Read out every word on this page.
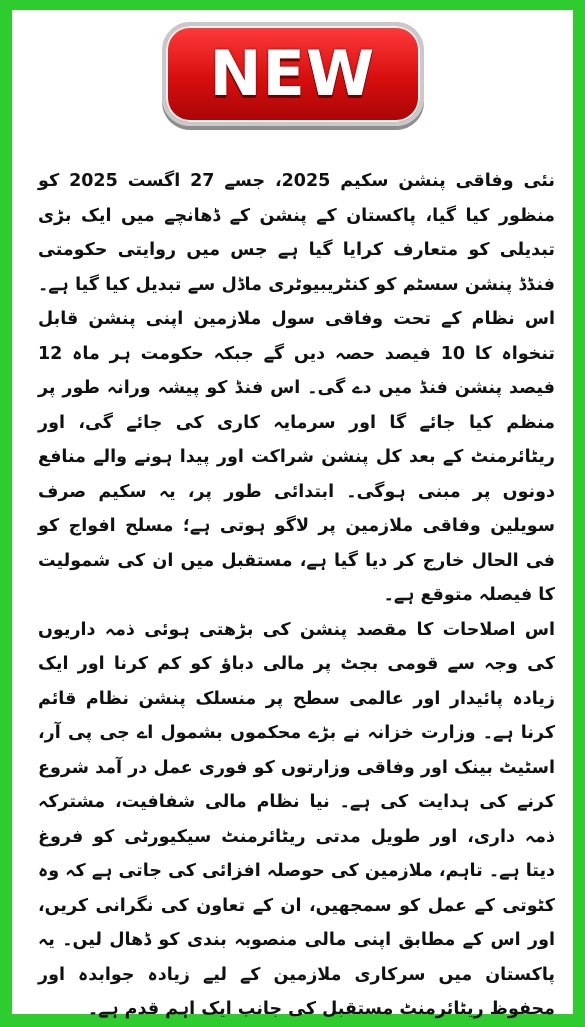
NEW

نئی وفاقی پنشن سکیم 2025، جسے 27 اگست 2025 کو منظور کیا گیا، پاکستان کے پنشن کے ڈھانچے میں ایک بڑی تبدیلی کو متعارف کرایا گیا ہے جس میں روایتی حکومتی فنڈڈ پنشن سسٹم کو کنٹریبیوٹری ماڈل سے تبدیل کیا گیا ہے۔ اس نظام کے تحت وفاقی سول ملازمین اپنی پنشن قابل تنخواہ کا 10 فیصد حصہ دیں گے جبکہ حکومت ہر ماہ 12 فیصد پنشن فنڈ میں دے گی۔ اس فنڈ کو پیشہ ورانہ طور پر منظم کیا جائے گا اور سرمایہ کاری کی جائے گی، اور ریٹائرمنٹ کے بعد کل پنشن شراکت اور پیدا ہونے والے منافع دونوں پر مبنی ہوگی۔ ابتدائی طور پر، یہ سکیم صرف سویلین وفاقی ملازمین پر لاگو ہوتی ہے؛ مسلح افواج کو فی الحال خارج کر دیا گیا ہے، مستقبل میں ان کی شمولیت کا فیصلہ متوقع ہے۔

اس اصلاحات کا مقصد پنشن کی بڑھتی ہوئی ذمہ داریوں کی وجہ سے قومی بجٹ پر مالی دباؤ کو کم کرنا اور ایک زیادہ پائیدار اور عالمی سطح پر منسلک پنشن نظام قائم کرنا ہے۔ وزارت خزانہ نے بڑے محکموں بشمول اے جی پی آر، اسٹیٹ بینک اور وفاقی وزارتوں کو فوری عمل در آمد شروع کرنے کی ہدایت کی ہے۔ نیا نظام مالی شفافیت، مشترکہ ذمہ داری، اور طویل مدتی ریٹائرمنٹ سیکیورٹی کو فروغ دیتا ہے۔ تاہم، ملازمین کی حوصلہ افزائی کی جاتی ہے کہ وہ کٹوتی کے عمل کو سمجھیں، ان کے تعاون کی نگرانی کریں، اور اس کے مطابق اپنی مالی منصوبہ بندی کو ڈھال لیں۔ یہ پاکستان میں سرکاری ملازمین کے لیے زیادہ جوابدہ اور محفوظ ریٹائرمنٹ مستقبل کی جانب ایک اہم قدم ہے۔
